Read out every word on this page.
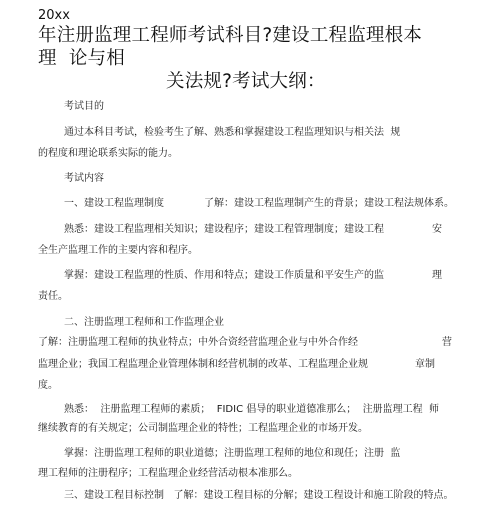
20xx
年注册监理工程师考试科目?建设工程监理根本
理  论与相
关法规?考试大纲：
考试目的
通过本科目考试，检验考生了解、熟悉和掌握建设工程监理知识与相关法  规
的程度和理论联系实际的能力。
考试内容
一、建设工程监理制度	了解：建设工程监理制产生的背景；建设工程法规体系。
熟悉：建设工程监理相关知识；建设程序；建设工程管理制度；建设工程	安
全生产监理工作的主要内容和程序。
掌握：建设工程监理的性质、作用和特点；建设工作质量和平安生产的监	理
责任。
二、注册监理工程师和工作监理企业
了解：注册监理工程师的执业特点；中外合资经营监理企业与中外合作经	营
监理企业；我国工程监理企业管理体制和经营机制的改革、工程监理企业规	章制
度。
熟悉：  注册监理工程师的素质；  FIDIC 倡导的职业道德准那么；  注册监理工程  师
继续教育的有关规定；公司制监理企业的特性；工程监理企业的市场开发。
掌握：注册监理工程师的职业道德；注册监理工程师的地位和现任；注册  监
理工程师的注册程序；工程监理企业经营活动根本准那么。
三、建设工程目标控制   了解：建设工程目标的分解；建设工程设计和施工阶段的特点。
